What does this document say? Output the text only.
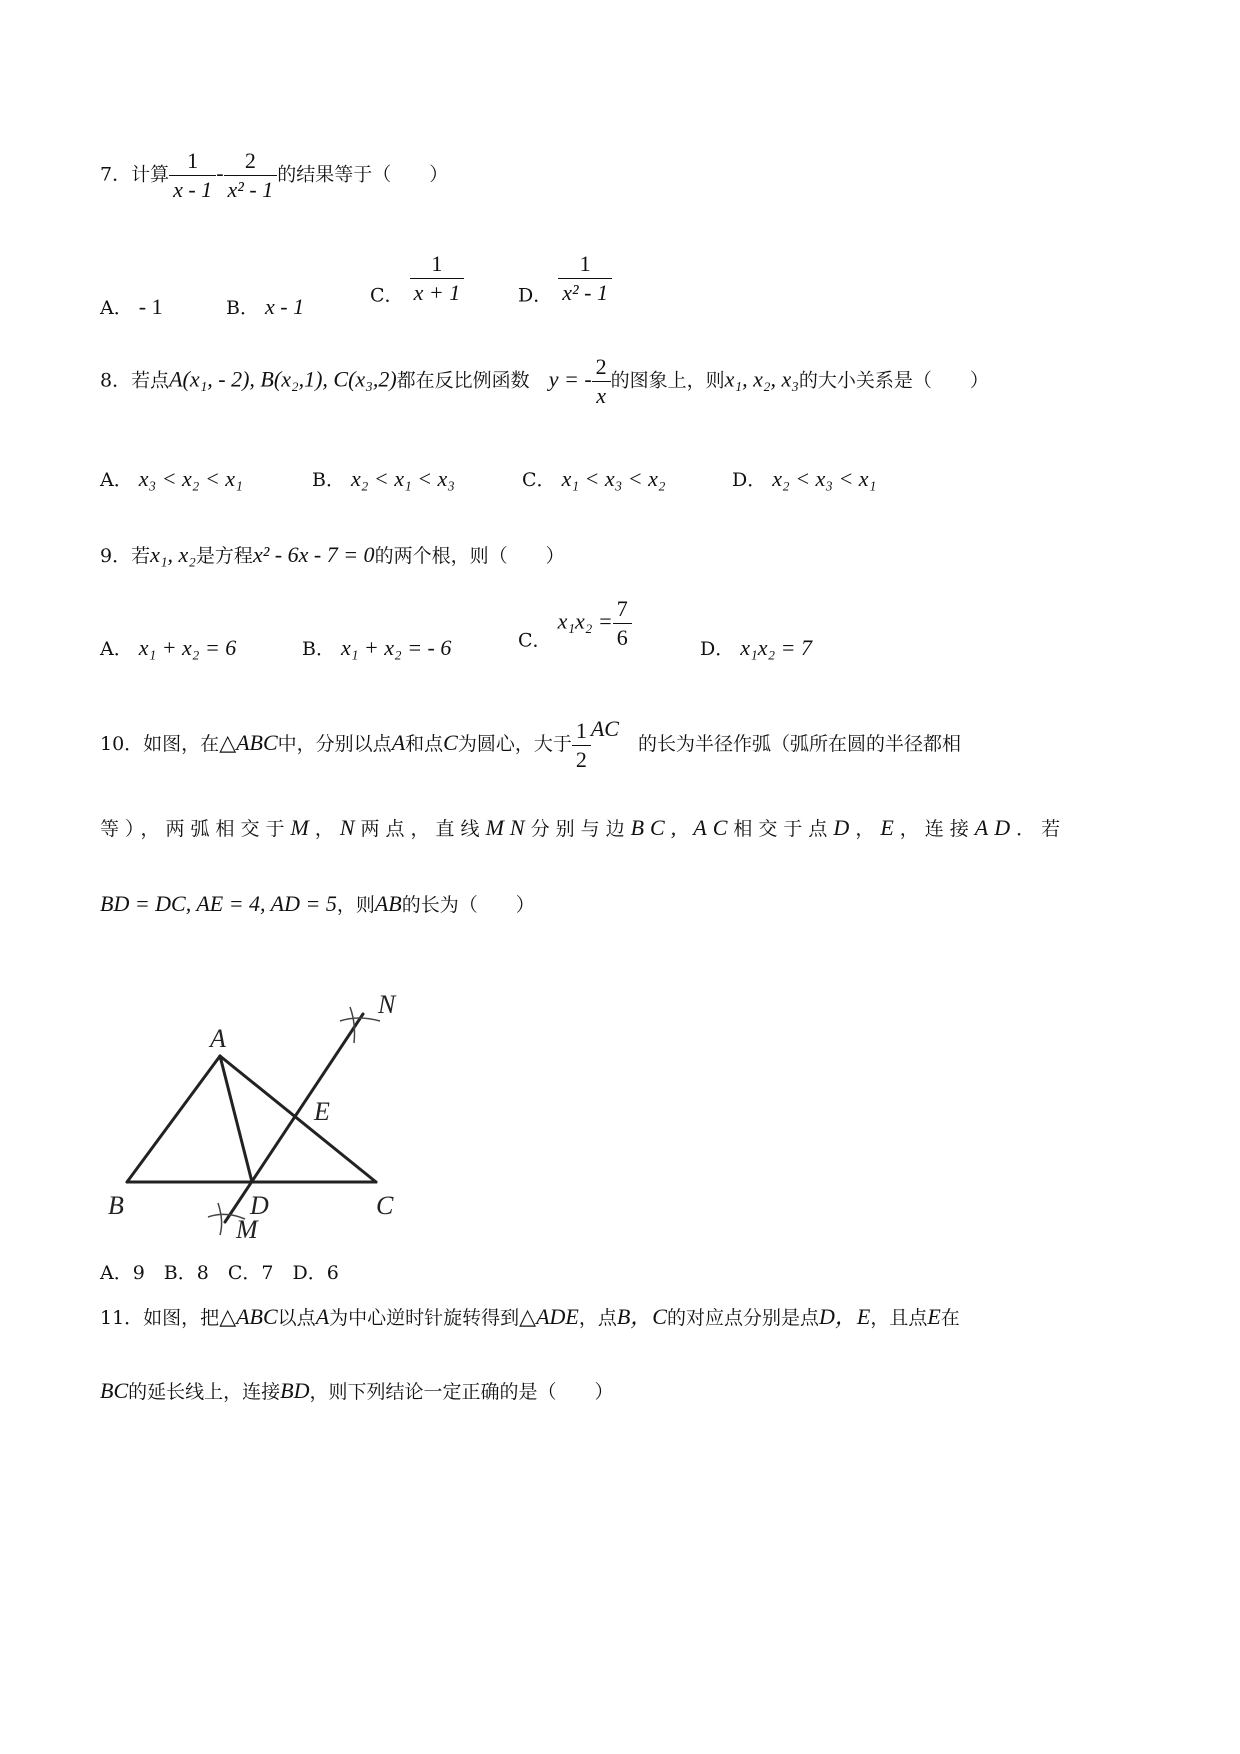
7．计算 $\frac{1}{x - 1} - \frac{2}{\text{x² - 1}}$ 的结果等于（　　）
A． - 1	B． x - 1	C． $\frac{1}{x + 1}$	D． $\frac{1}{\text{x² - 1}}$
8．若点A(x₁, - 2), B(x₂,1), C(x₃,2)都在反比例函数　 y = - $\frac{2}{x}$ 的图象上，则x₁, x₂, x₃的大小关系是（　　）
A． x₃ < x₂ < x₁	B． x₂ < x₁ < x₃	C． x₁ < x₃ < x₂	D． x₂ < x₃ < x₁
9．若x₁, x₂是方程x² - 6x - 7 = 0的两个根，则（　　）
A． x₁ + x₂ = 6	B． x₁ + x₂ = - 6	C． $x_1x_2 = \frac{7}{6}$	D． x₁x₂ = 7
10．如图，在△ABC中，分别以点A和点C为圆心，大于 $\frac{1}{2}$ AC　的长为半径作弧（弧所在圆的半径都相
等），两弧相交于M，N两点，直线MN分别与边BC, AC相交于点D，E，连接AD．若
BD = DC, AE = 4, AD = 5，则AB的长为（　　）
A
B	C
D
E
M
N
A．9　B．8　C．7　D．6
11．如图，把△ABC以点A为中心逆时针旋转得到△ADE，点B，C的对应点分别是点D，E，且点E在
BC的延长线上，连接BD，则下列结论一定正确的是（　　）
